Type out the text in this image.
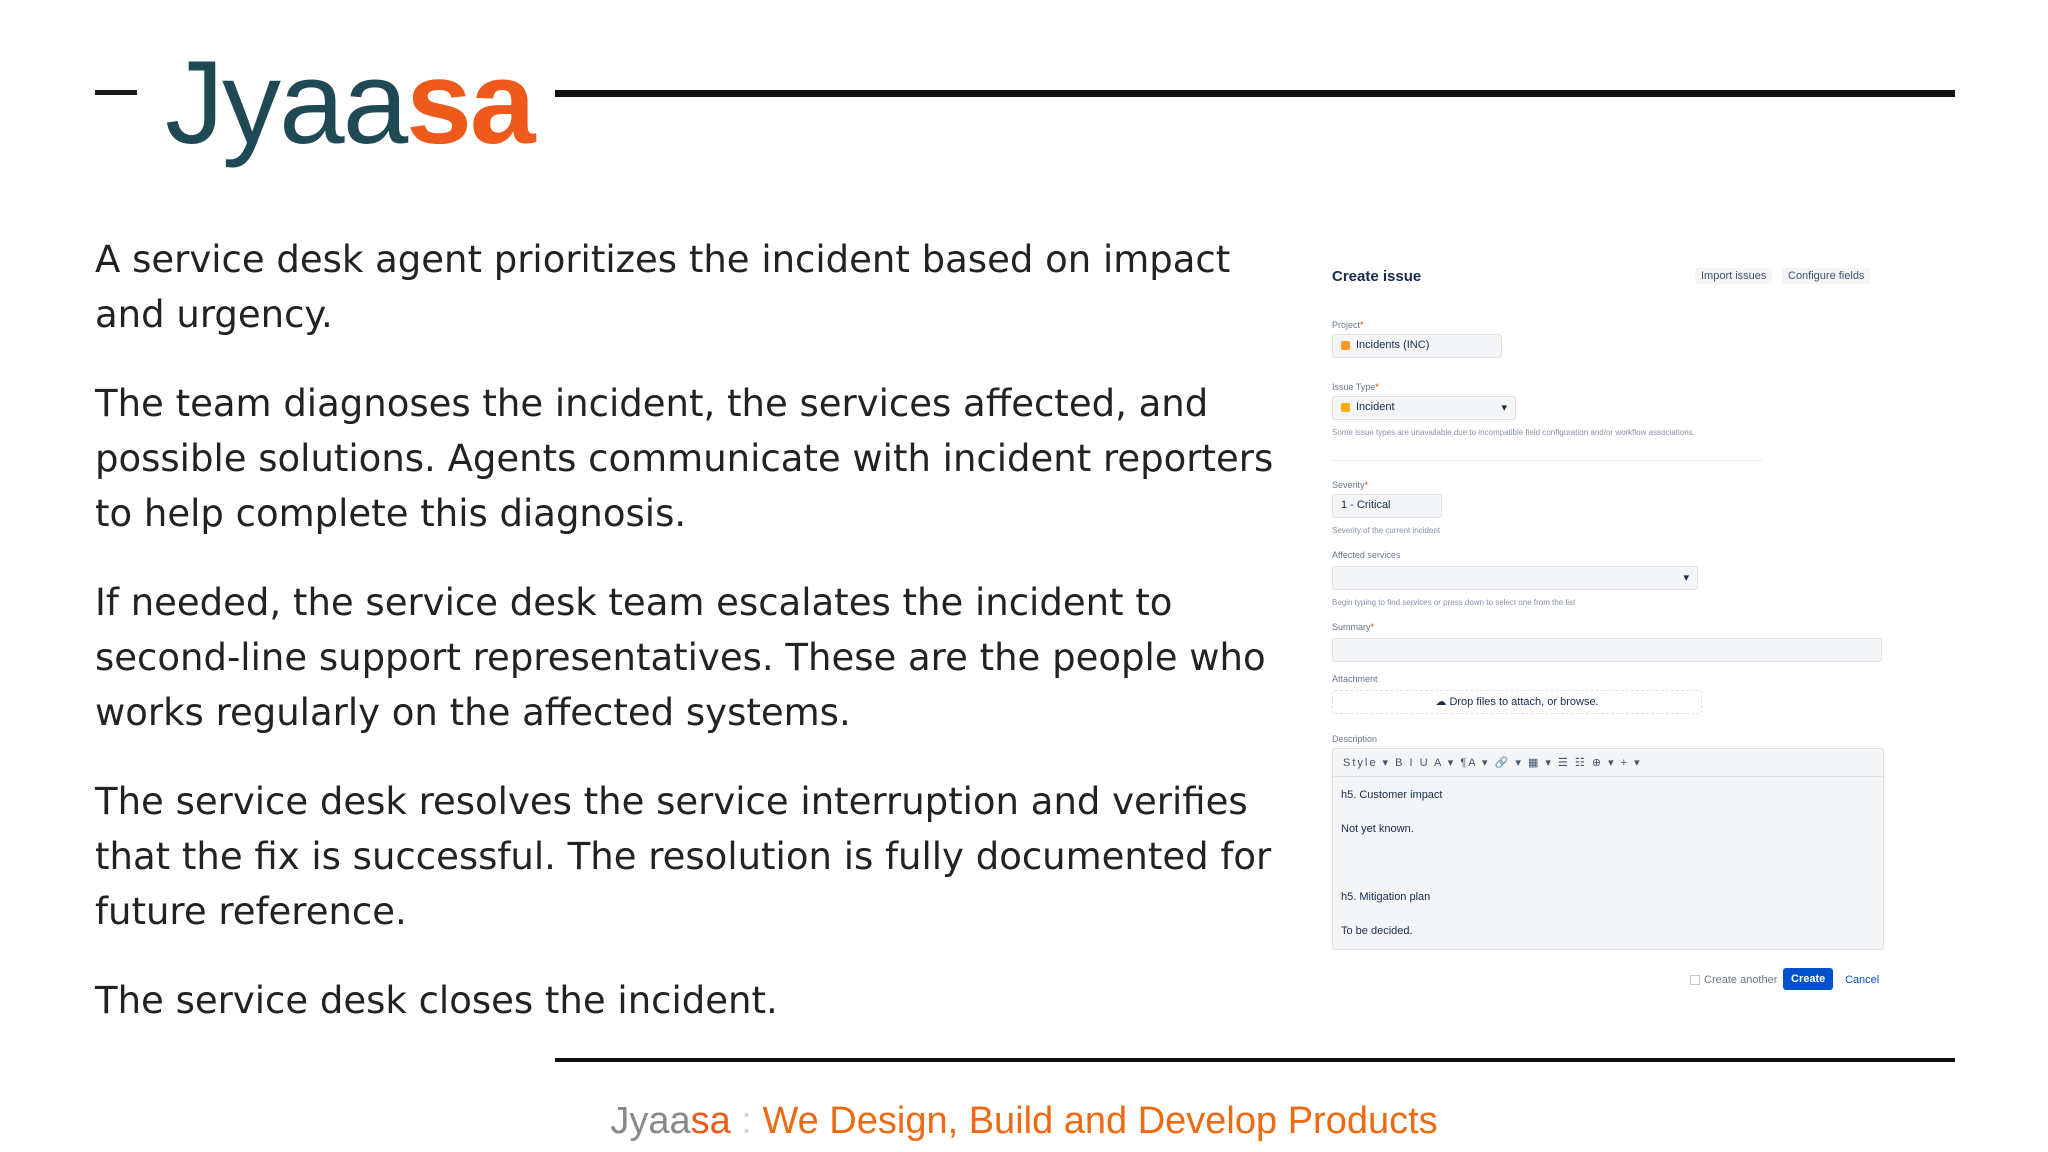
Jyaasa

A service desk agent prioritizes the incident based on impact and urgency.

The team diagnoses the incident, the services affected, and possible solutions. Agents communicate with incident reporters to help complete this diagnosis.

If needed, the service desk team escalates the incident to second-line support representatives. These are the people who works regularly on the affected systems.

The service desk resolves the service interruption and verifies that the fix is successful. The resolution is fully documented for future reference.

The service desk closes the incident.

Create issue	Import issues	Configure fields
Project*
Incidents (INC)
Issue Type*
Incident	▾
Some issue types are unavailable due to incompatible field configuration and/or workflow associations.
Severity*
1 - Critical
Severity of the current incident
Affected services
▾
Begin typing to find services or press down to select one from the list
Summary*
Attachment
☁ Drop files to attach, or browse.
Description
Style ▾ B I U A ▾ ¶A ▾ 🔗 ▾ ▦ ▾ ☰ ☷ ⊕ ▾ + ▾
h5. Customer impact
Not yet known.
h5. Mitigation plan
To be decided.
Create another	Create	Cancel
Jyaasa : We Design, Build and Develop Products
